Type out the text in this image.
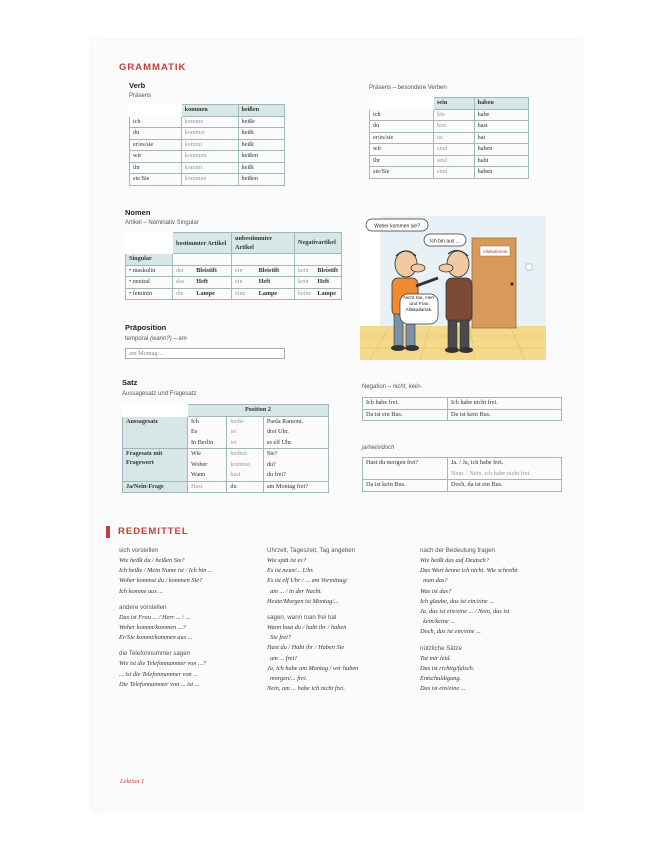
GRAMMATIK
Verb
Präsens
	kommen	heißen
ich	komme	heiße
du	kommst	heißt
er/es/sie	kommt	heißt
wir	kommen	heißen
ihr	kommt	heißt
sie/Sie	kommen	heißen
Präsens – besondere Verben
	sein	haben
ich	bin	habe
du	bist	hast
er/es/sie	ist	hat
wir	sind	haben
ihr	seid	habt
sie/Sie	sind	haben
Nomen
Artikel – Nominativ Singular
	bestimmter Artikel		unbestimmter Artikel		Negativartikel	
Singular						
• maskulin	der	Bleistift	ein	Bleistift	kein	Bleistift
• neutral	das	Heft	ein	Heft	kein	Heft
• feminin	die	Lampe	eine	Lampe	keine	Lampe
Allakallariak
Woher kommen sie?
Ich bin aus ...
Nicht Sie, Herr und Frau Allakallariak.
Präposition
temporal (wann?) – am
am Montag/...
Satz
Aussagesatz und Fragesatz
	Position 2		
Aussagesatz	Ich	heiße	Paola Ramoni.
	Es	ist	drei Uhr.
	In Berlin	ist	es elf Uhr.
Fragesatz mit Fragewort	Wie	heißen	Sie?
	Woher	kommst	du?
	Wann	hast	du frei?
Ja/Nein-Frage	Hast	du	am Montag frei?
Negation – nicht, kein-
Ich habe frei.	Ich habe nicht frei.
Da ist ein Bus.	Da ist kein Bus.
ja/nein/doch
Hast du morgen frei?	Ja. / Ja, ich habe frei.
	Nein. / Nein, ich habe nicht frei.
Da ist kein Bus.	Doch, da ist ein Bus.
REDEMITTEL
sich vorstellen
Wie heißt du / heißen Sie?
Ich heiße / Mein Name ist / Ich bin ...
Woher kommst du / kommen Sie?
Ich komme aus ...
andere vorstellen
Das ist Frau ... / Herr ... / ...
Woher kommt/kommen ...?
Er/Sie kommt/kommen aus ...
die Telefonnummer sagen
Wie ist die Telefonnummer von ...?
... ist die Telefonnummer von ...
Die Telefonnummer von ... ist ...
Uhrzeit, Tageszeit, Tag angeben
Wie spät ist es?
Es ist neun/... Uhr.
Es ist elf Uhr / ... am Vormittag/
am ... / in der Nacht.
Heute/Morgen ist Montag/...
sagen, wann man frei hat
Wann hast du / habt ihr / haben
Sie frei?
Hast du / Habt ihr / Haben Sie
am ... frei?
Ja, ich habe am Montag / wir haben
morgen/... frei.
Nein, am ... habe ich nicht frei.
nach der Bedeutung fragen
Wie heißt das auf Deutsch?
Das Wort kenne ich nicht. Wie schreibt
man das?
Was ist das?
Ich glaube, das ist ein/eine ...
Ja, das ist ein/eine ... / Nein, das ist
kein/keine ...
Doch, das ist ein/eine ...
nützliche Sätze
Tut mir leid.
Das ist richtig/falsch.
Entschuldigung.
Das ist ein/eine ...
Lektion 1
